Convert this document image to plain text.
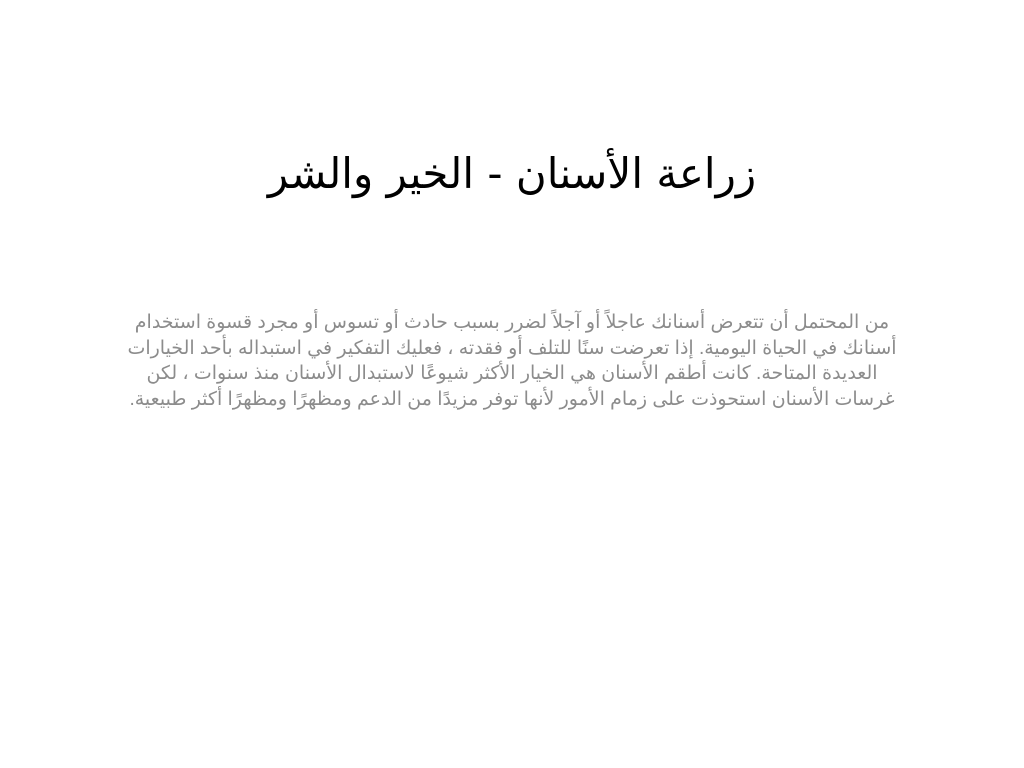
زراعة الأسنان - الخير والشر

من المحتمل أن تتعرض أسنانك عاجلاً أو آجلاً لضرر بسبب حادث أو تسوس أو مجرد قسوة استخدام أسنانك في الحياة اليومية. إذا تعرضت سنًا للتلف أو فقدته ، فعليك التفكير في استبداله بأحد الخيارات العديدة المتاحة. كانت أطقم الأسنان هي الخيار الأكثر شيوعًا لاستبدال الأسنان منذ سنوات ، لكن غرسات الأسنان استحوذت على زمام الأمور لأنها توفر مزيدًا من الدعم ومظهرًا ومظهرًا أكثر طبيعية.
